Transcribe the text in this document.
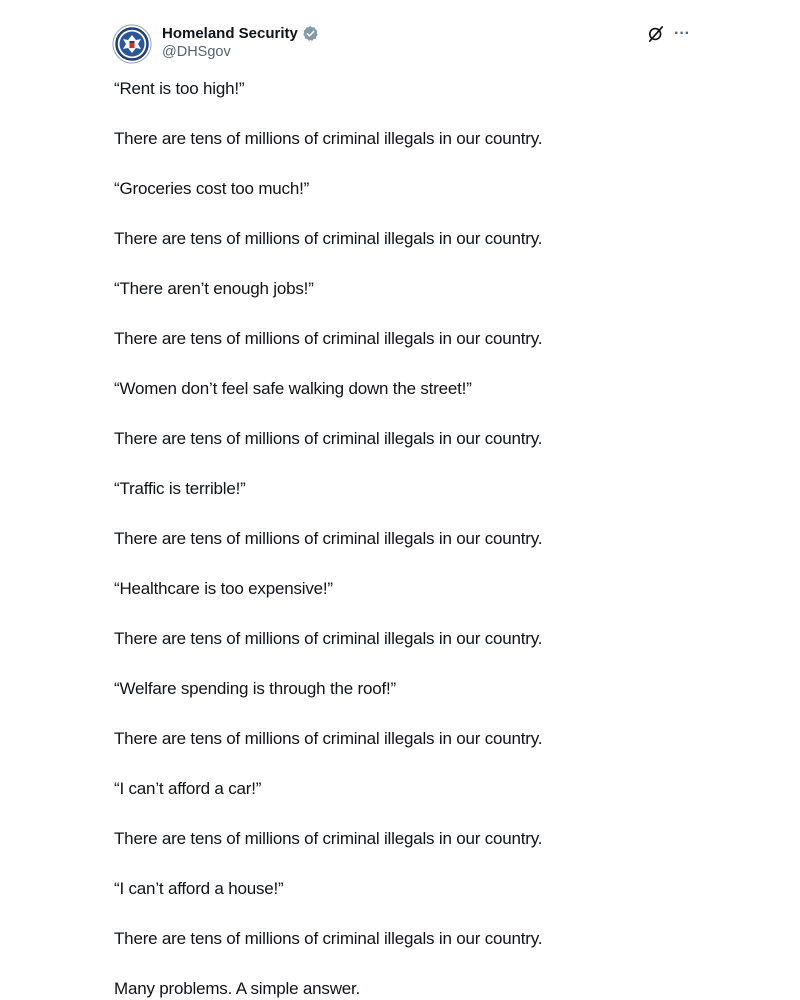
Homeland Security
@DHSgov
···
“Rent is too high!”
There are tens of millions of criminal illegals in our country.
“Groceries cost too much!”
There are tens of millions of criminal illegals in our country.
“There aren’t enough jobs!”
There are tens of millions of criminal illegals in our country.
“Women don’t feel safe walking down the street!”
There are tens of millions of criminal illegals in our country.
“Traffic is terrible!”
There are tens of millions of criminal illegals in our country.
“Healthcare is too expensive!”
There are tens of millions of criminal illegals in our country.
“Welfare spending is through the roof!”
There are tens of millions of criminal illegals in our country.
“I can’t afford a car!”
There are tens of millions of criminal illegals in our country.
“I can’t afford a house!”
There are tens of millions of criminal illegals in our country.
Many problems. A simple answer.
